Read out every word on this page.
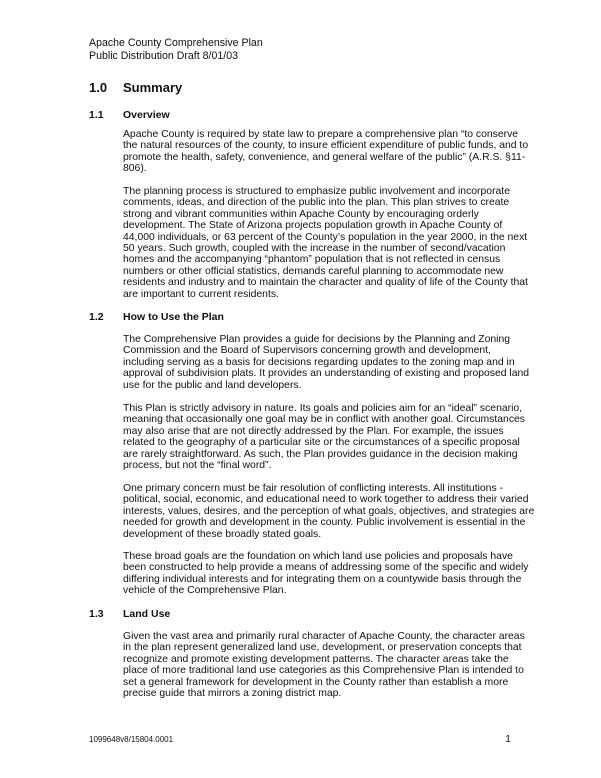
Apache County Comprehensive Plan
Public Distribution Draft 8/01/03
1.0 Summary
1.1 Overview
Apache County is required by state law to prepare a comprehensive plan “to conserve
the natural resources of the county, to insure efficient expenditure of public funds, and to
promote the health, safety, convenience, and general welfare of the public” (A.R.S. §11-
806).
The planning process is structured to emphasize public involvement and incorporate
comments, ideas, and direction of the public into the plan. This plan strives to create
strong and vibrant communities within Apache County by encouraging orderly
development. The State of Arizona projects population growth in Apache County of
44,000 individuals, or 63 percent of the County’s population in the year 2000, in the next
50 years. Such growth, coupled with the increase in the number of second/vacation
homes and the accompanying “phantom” population that is not reflected in census
numbers or other official statistics, demands careful planning to accommodate new
residents and industry and to maintain the character and quality of life of the County that
are important to current residents.
1.2 How to Use the Plan
The Comprehensive Plan provides a guide for decisions by the Planning and Zoning
Commission and the Board of Supervisors concerning growth and development,
including serving as a basis for decisions regarding updates to the zoning map and in
approval of subdivision plats. It provides an understanding of existing and proposed land
use for the public and land developers.
This Plan is strictly advisory in nature. Its goals and policies aim for an “ideal” scenario,
meaning that occasionally one goal may be in conflict with another goal. Circumstances
may also arise that are not directly addressed by the Plan. For example, the issues
related to the geography of a particular site or the circumstances of a specific proposal
are rarely straightforward. As such, the Plan provides guidance in the decision making
process, but not the “final word”.
One primary concern must be fair resolution of conflicting interests. All institutions -
political, social, economic, and educational need to work together to address their varied
interests, values, desires, and the perception of what goals, objectives, and strategies are
needed for growth and development in the county. Public involvement is essential in the
development of these broadly stated goals.
These broad goals are the foundation on which land use policies and proposals have
been constructed to help provide a means of addressing some of the specific and widely
differing individual interests and for integrating them on a countywide basis through the
vehicle of the Comprehensive Plan.
1.3 Land Use
Given the vast area and primarily rural character of Apache County, the character areas
in the plan represent generalized land use, development, or preservation concepts that
recognize and promote existing development patterns. The character areas take the
place of more traditional land use categories as this Comprehensive Plan is intended to
set a general framework for development in the County rather than establish a more
precise guide that mirrors a zoning district map.
1099648v8/15804.0001	1
